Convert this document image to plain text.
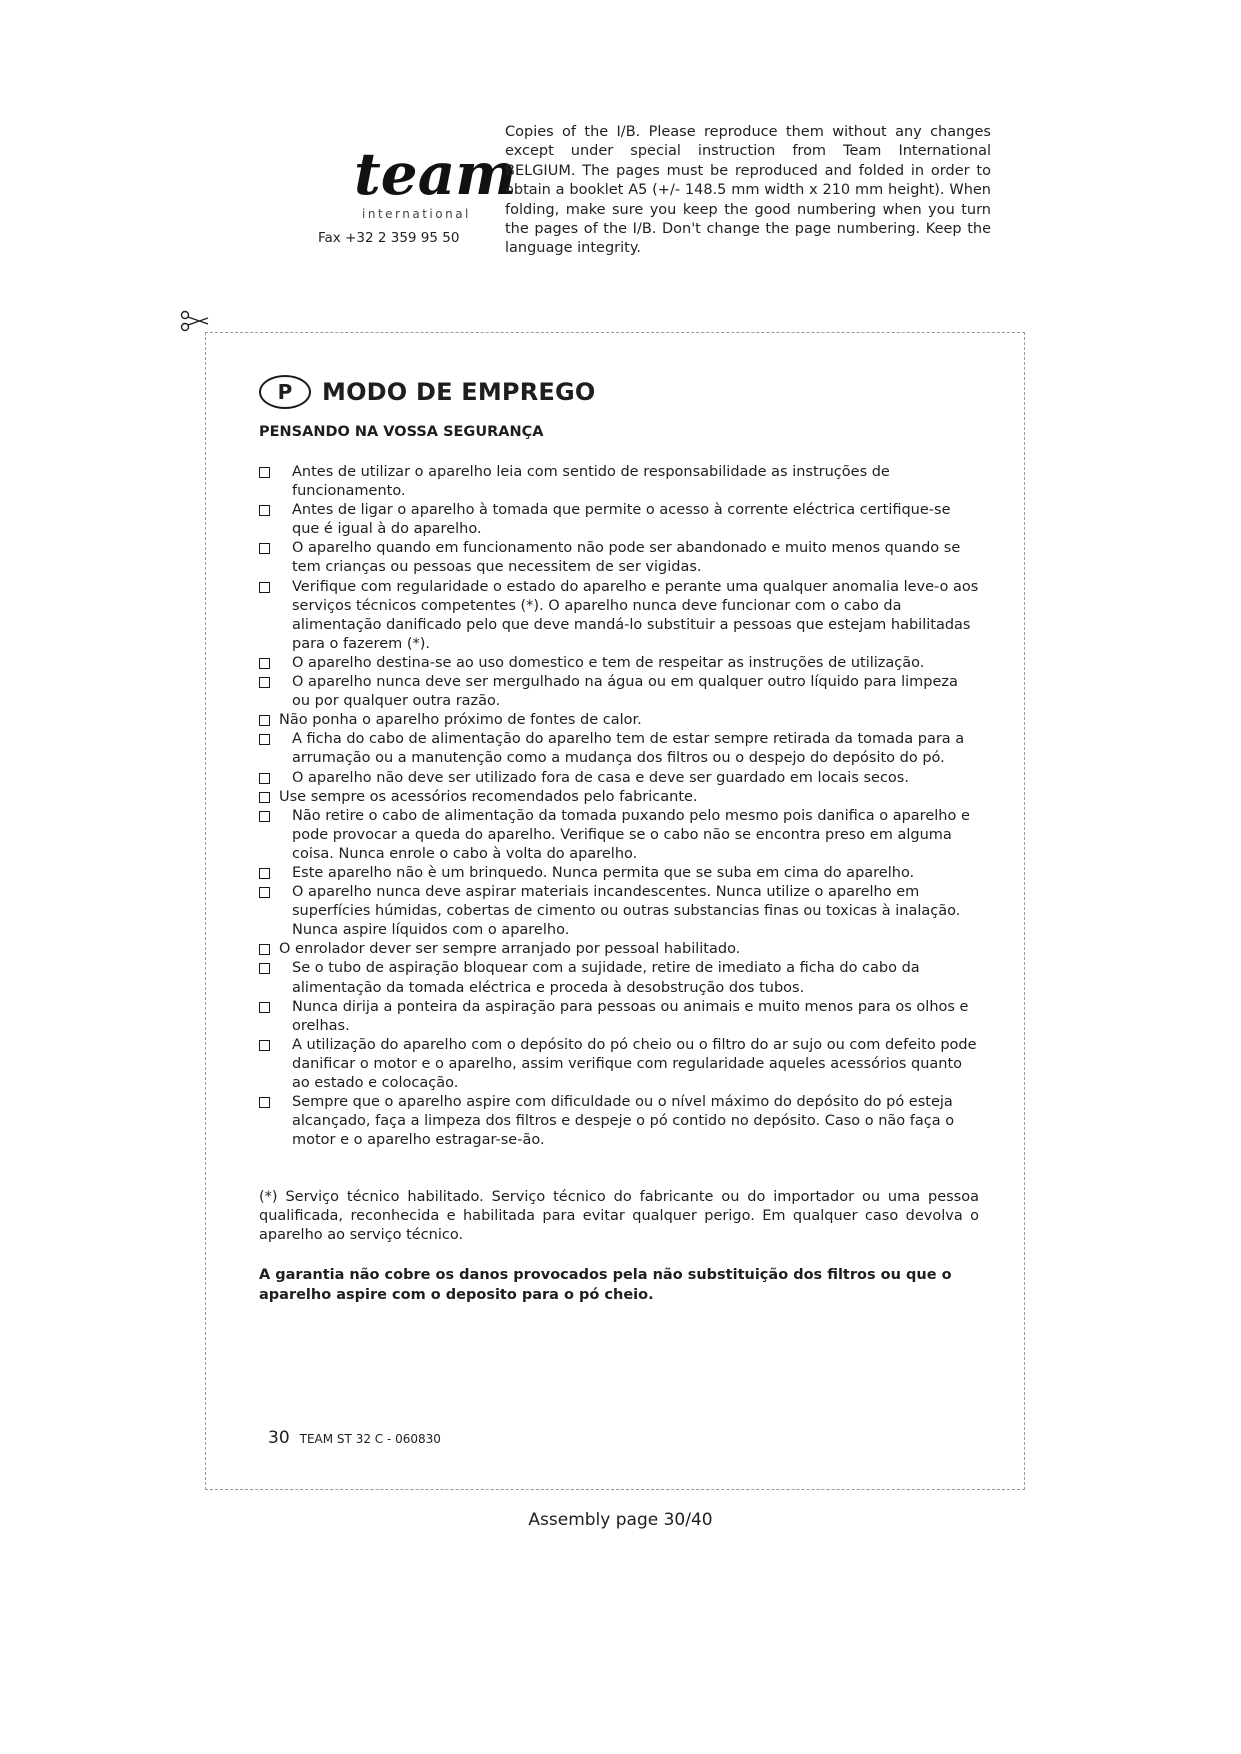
team
international
Fax +32 2 359 95 50
Copies of the I/B. Please reproduce them without any changes except under special instruction from Team International BELGIUM. The pages must be reproduced and folded in order to obtain a booklet A5 (+/- 148.5 mm width x 210 mm height). When folding, make sure you keep the good numbering when you turn the pages of the I/B. Don't change the page numbering. Keep the language integrity.
P	MODO DE EMPREGO
PENSANDO NA VOSSA SEGURANÇA
Antes de utilizar o aparelho leia com sentido de responsabilidade as instruções de funcionamento.
Antes de ligar o aparelho à tomada que permite o acesso à corrente eléctrica certifique-se que é igual à do aparelho.
O aparelho quando em funcionamento não pode ser abandonado e muito menos quando se tem crianças ou pessoas que necessitem de ser vigidas.
Verifique com regularidade o estado do aparelho e perante uma qualquer anomalia leve-o aos serviços técnicos competentes (*). O aparelho nunca deve funcionar com o cabo da alimentação danificado pelo que deve mandá-lo substituir a pessoas que estejam habilitadas para o fazerem (*).
O aparelho destina-se ao uso domestico e tem de respeitar as instruções de utilização.
O aparelho nunca deve ser mergulhado na água ou em qualquer outro líquido para limpeza ou por qualquer outra razão.
Não ponha o aparelho próximo de fontes de calor.
A ficha do cabo de alimentação do aparelho tem de estar sempre retirada da tomada para a arrumação ou a manutenção como a mudança dos filtros ou o despejo do depósito do pó.
O aparelho não deve ser utilizado fora de casa e deve ser guardado em locais secos.
Use sempre os acessórios recomendados pelo fabricante.
Não retire o cabo de alimentação da tomada puxando pelo mesmo pois danifica o aparelho e pode provocar a queda do aparelho. Verifique se o cabo não se encontra preso em alguma coisa. Nunca enrole o cabo à volta do aparelho.
Este aparelho não è um brinquedo. Nunca permita que se suba em cima do aparelho.
O aparelho nunca deve aspirar materiais incandescentes. Nunca utilize o aparelho em superfícies húmidas, cobertas de cimento ou outras substancias finas ou toxicas à inalação. Nunca aspire líquidos com o aparelho.
O enrolador dever ser sempre arranjado por pessoal habilitado.
Se o tubo de aspiração bloquear com a sujidade, retire de imediato a ficha do cabo da alimentação da tomada eléctrica e proceda à desobstrução dos tubos.
Nunca dirija a ponteira da aspiração para pessoas ou animais e muito menos para os olhos e orelhas.
A utilização do aparelho com o depósito do pó cheio ou o filtro do ar sujo ou com defeito pode danificar o motor e o aparelho, assim verifique com regularidade aqueles acessórios quanto ao estado e colocação.
Sempre que o aparelho aspire com dificuldade ou o nível máximo do depósito do pó esteja alcançado, faça a limpeza dos filtros e despeje o pó contido no depósito. Caso o não faça o motor e o aparelho estragar-se-ão.
(*) Serviço técnico habilitado. Serviço técnico do fabricante ou do importador ou uma pessoa qualificada, reconhecida e habilitada para evitar qualquer perigo. Em qualquer caso devolva o aparelho ao serviço técnico.
A garantia não cobre os danos provocados pela não substituição dos filtros ou que o aparelho aspire com o deposito para o pó cheio.
30 TEAM ST 32 C - 060830
Assembly page 30/40
